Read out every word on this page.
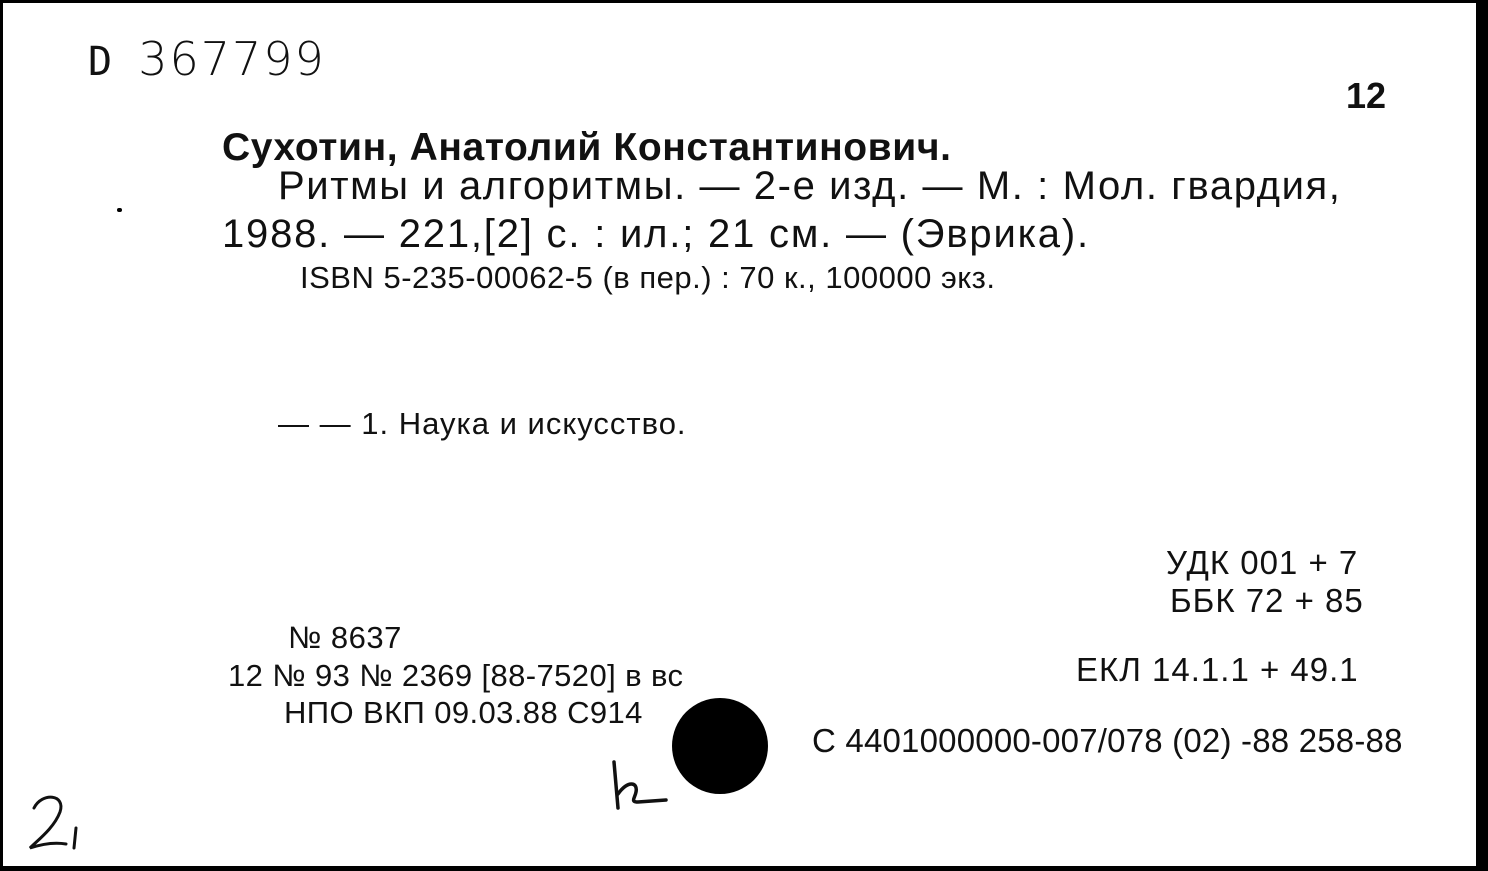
D 367799
12
Сухотин, Анатолий Константинович.
Ритмы и алгоритмы. — 2-е изд. — М. : Мол. гвардия,
1988. — 221,[2] с. : ил.; 21 см. — (Эврика).
ISBN 5-235-00062-5 (в пер.) : 70 к., 100000 экз.
— — 1. Наука и искусство.
УДК 001 + 7
ББК 72 + 85
№ 8637
12 № 93 № 2369 [88-7520] в вс
НПО ВКП 09.03.88 С914
ЕКЛ 14.1.1 + 49.1
С 4401000000-007/078 (02) -88 258-88
